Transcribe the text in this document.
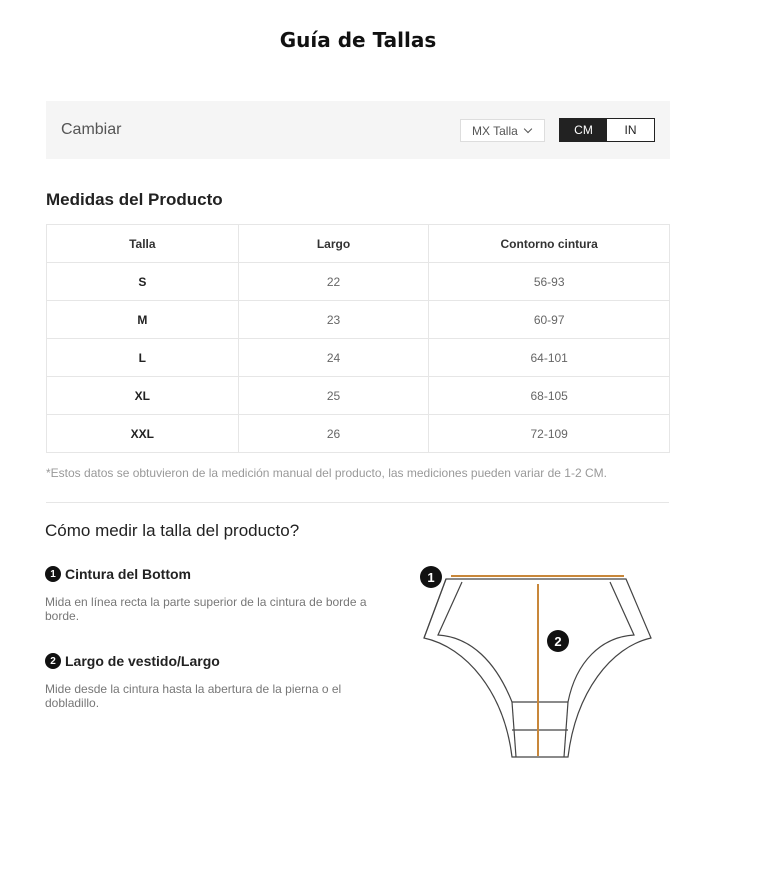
Guía de Tallas
Cambiar	MX Talla	CM	IN
Medidas del Producto
Talla	Largo	Contorno cintura
S	22	56-93
M	23	60-97
L	24	64-101
XL	25	68-105
XXL	26	72-109
*Estos datos se obtuvieron de la medición manual del producto, las mediciones pueden variar de 1-2 CM.
Cómo medir la talla del producto?
1 Cintura del Bottom
Mida en línea recta la parte superior de la cintura de borde a borde.
2 Largo de vestido/Largo
Mide desde la cintura hasta la abertura de la pierna o el dobladillo.
1
2
